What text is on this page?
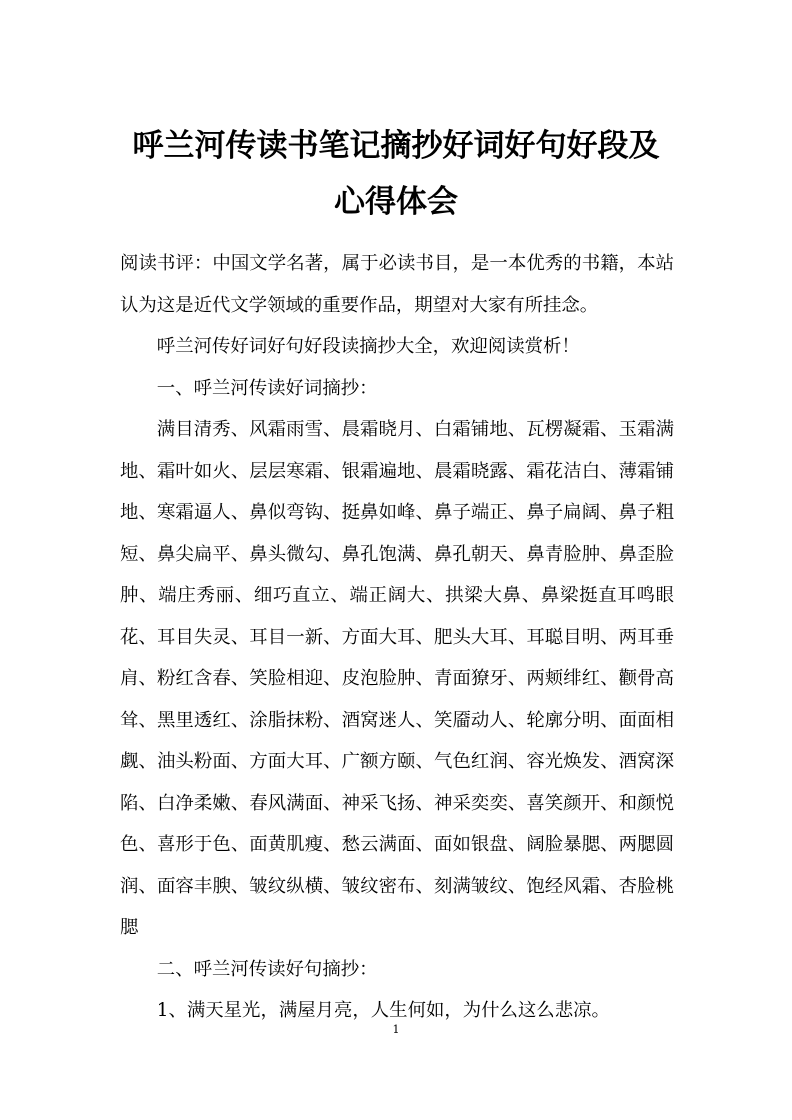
呼兰河传读书笔记摘抄好词好句好段及心得体会

阅读书评：中国文学名著，属于必读书目，是一本优秀的书籍，本站认为这是近代文学领域的重要作品，期望对大家有所挂念。

呼兰河传好词好句好段读摘抄大全，欢迎阅读赏析！

一、呼兰河传读好词摘抄：

满目清秀、风霜雨雪、晨霜晓月、白霜铺地、瓦楞凝霜、玉霜满地、霜叶如火、层层寒霜、银霜遍地、晨霜晓露、霜花洁白、薄霜铺地、寒霜逼人、鼻似弯钩、挺鼻如峰、鼻子端正、鼻子扁阔、鼻子粗短、鼻尖扁平、鼻头微勾、鼻孔饱满、鼻孔朝天、鼻青脸肿、鼻歪脸肿、端庄秀丽、细巧直立、端正阔大、拱梁大鼻、鼻梁挺直耳鸣眼花、耳目失灵、耳目一新、方面大耳、肥头大耳、耳聪目明、两耳垂肩、粉红含春、笑脸相迎、皮泡脸肿、青面獠牙、两颊绯红、颧骨高耸、黑里透红、涂脂抹粉、酒窝迷人、笑靥动人、轮廓分明、面面相觑、油头粉面、方面大耳、广额方颐、气色红润、容光焕发、酒窝深陷、白净柔嫩、春风满面、神采飞扬、神采奕奕、喜笑颜开、和颜悦色、喜形于色、面黄肌瘦、愁云满面、面如银盘、阔脸暴腮、两腮圆润、面容丰腴、皱纹纵横、皱纹密布、刻满皱纹、饱经风霜、杏脸桃腮

二、呼兰河传读好句摘抄：

1、满天星光，满屋月亮，人生何如，为什么这么悲凉。

1
